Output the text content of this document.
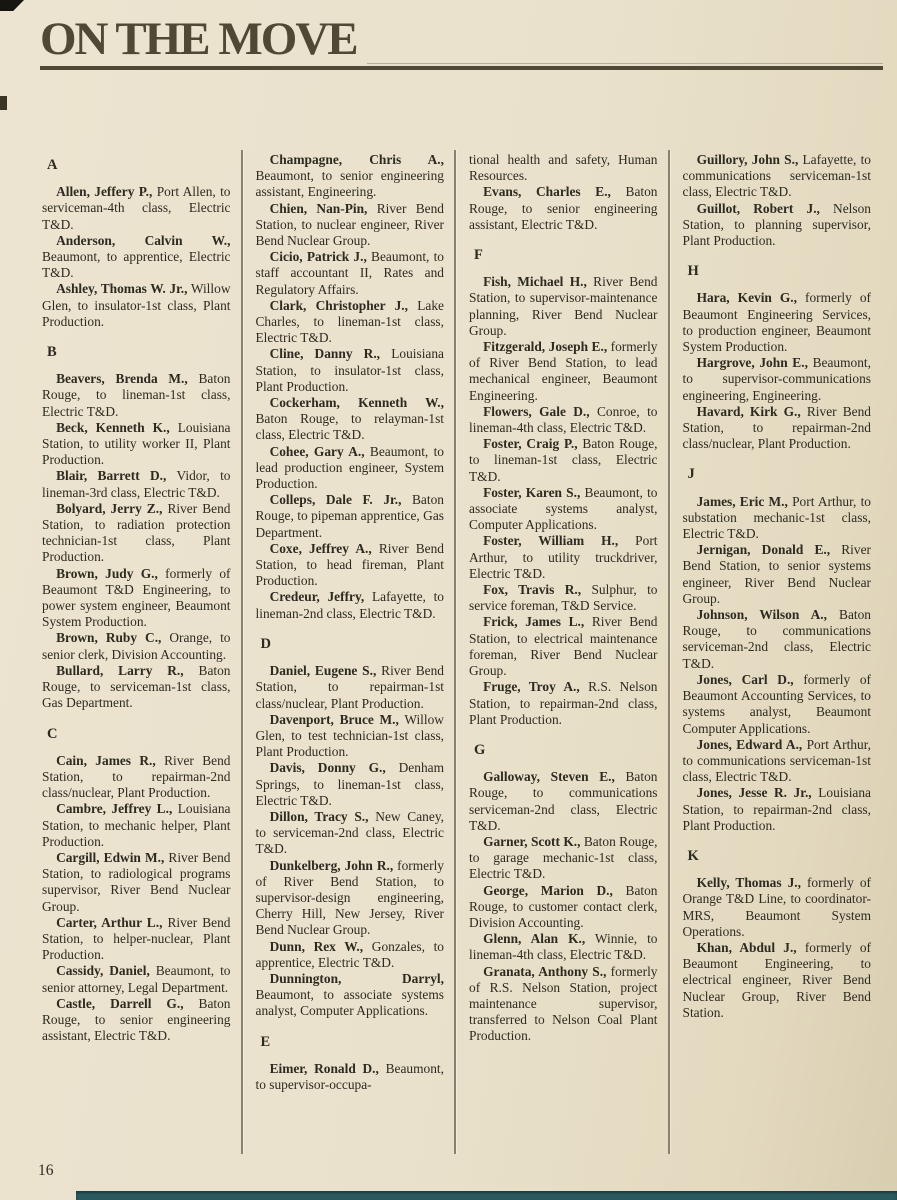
ON THE MOVE
A

Allen, Jeffery P., Port Allen, to serviceman-4th class, Electric T&D.

Anderson, Calvin W., Beaumont, to apprentice, Electric T&D.

Ashley, Thomas W. Jr., Willow Glen, to insulator-1st class, Plant Production.

B

Beavers, Brenda M., Baton Rouge, to lineman-1st class, Electric T&D.

Beck, Kenneth K., Louisiana Station, to utility worker II, Plant Production.

Blair, Barrett D., Vidor, to lineman-3rd class, Electric T&D.

Bolyard, Jerry Z., River Bend Station, to radiation protection technician-1st class, Plant Production.

Brown, Judy G., formerly of Beaumont T&D Engineering, to power system engineer, Beaumont System Production.

Brown, Ruby C., Orange, to senior clerk, Division Accounting.

Bullard, Larry R., Baton Rouge, to serviceman-1st class, Gas Department.

C

Cain, James R., River Bend Station, to repairman-2nd class/nuclear, Plant Production.

Cambre, Jeffrey L., Louisiana Station, to mechanic helper, Plant Production.

Cargill, Edwin M., River Bend Station, to radiological programs supervisor, River Bend Nuclear Group.

Carter, Arthur L., River Bend Station, to helper-nuclear, Plant Production.

Cassidy, Daniel, Beaumont, to senior attorney, Legal Department.

Castle, Darrell G., Baton Rouge, to senior engineering assistant, Electric T&D.

Champagne, Chris A., Beaumont, to senior engineering assistant, Engineering.

Chien, Nan-Pin, River Bend Station, to nuclear engineer, River Bend Nuclear Group.

Cicio, Patrick J., Beaumont, to staff accountant II, Rates and Regulatory Affairs.

Clark, Christopher J., Lake Charles, to lineman-1st class, Electric T&D.

Cline, Danny R., Louisiana Station, to insulator-1st class, Plant Production.

Cockerham, Kenneth W., Baton Rouge, to relayman-1st class, Electric T&D.

Cohee, Gary A., Beaumont, to lead production engineer, System Production.

Colleps, Dale F. Jr., Baton Rouge, to pipeman apprentice, Gas Department.

Coxe, Jeffrey A., River Bend Station, to head fireman, Plant Production.

Credeur, Jeffry, Lafayette, to lineman-2nd class, Electric T&D.

D

Daniel, Eugene S., River Bend Station, to repairman-1st class/nuclear, Plant Production.

Davenport, Bruce M., Willow Glen, to test technician-1st class, Plant Production.

Davis, Donny G., Denham Springs, to lineman-1st class, Electric T&D.

Dillon, Tracy S., New Caney, to serviceman-2nd class, Electric T&D.

Dunkelberg, John R., formerly of River Bend Station, to supervisor-design engineering, Cherry Hill, New Jersey, River Bend Nuclear Group.

Dunn, Rex W., Gonzales, to apprentice, Electric T&D.

Dunnington, Darryl, Beaumont, to associate systems analyst, Computer Applications.

E

Eimer, Ronald D., Beaumont, to supervisor-occupa-

tional health and safety, Human Resources.

Evans, Charles E., Baton Rouge, to senior engineering assistant, Electric T&D.

F

Fish, Michael H., River Bend Station, to supervisor-maintenance planning, River Bend Nuclear Group.

Fitzgerald, Joseph E., formerly of River Bend Station, to lead mechanical engineer, Beaumont Engineering.

Flowers, Gale D., Conroe, to lineman-4th class, Electric T&D.

Foster, Craig P., Baton Rouge, to lineman-1st class, Electric T&D.

Foster, Karen S., Beaumont, to associate systems analyst, Computer Applications.

Foster, William H., Port Arthur, to utility truckdriver, Electric T&D.

Fox, Travis R., Sulphur, to service foreman, T&D Service.

Frick, James L., River Bend Station, to electrical maintenance foreman, River Bend Nuclear Group.

Fruge, Troy A., R.S. Nelson Station, to repairman-2nd class, Plant Production.

G

Galloway, Steven E., Baton Rouge, to communications serviceman-2nd class, Electric T&D.

Garner, Scott K., Baton Rouge, to garage mechanic-1st class, Electric T&D.

George, Marion D., Baton Rouge, to customer contact clerk, Division Accounting.

Glenn, Alan K., Winnie, to lineman-4th class, Electric T&D.

Granata, Anthony S., formerly of R.S. Nelson Station, project maintenance supervisor, transferred to Nelson Coal Plant Production.

Guillory, John S., Lafayette, to communications serviceman-1st class, Electric T&D.

Guillot, Robert J., Nelson Station, to planning supervisor, Plant Production.

H

Hara, Kevin G., formerly of Beaumont Engineering Services, to production engineer, Beaumont System Production.

Hargrove, John E., Beaumont, to supervisor-communications engineering, Engineering.

Havard, Kirk G., River Bend Station, to repairman-2nd class/nuclear, Plant Production.

J

James, Eric M., Port Arthur, to substation mechanic-1st class, Electric T&D.

Jernigan, Donald E., River Bend Station, to senior systems engineer, River Bend Nuclear Group.

Johnson, Wilson A., Baton Rouge, to communications serviceman-2nd class, Electric T&D.

Jones, Carl D., formerly of Beaumont Accounting Services, to systems analyst, Beaumont Computer Applications.

Jones, Edward A., Port Arthur, to communications serviceman-1st class, Electric T&D.

Jones, Jesse R. Jr., Louisiana Station, to repairman-2nd class, Plant Production.

K

Kelly, Thomas J., formerly of Orange T&D Line, to coordinator-MRS, Beaumont System Operations.

Khan, Abdul J., formerly of Beaumont Engineering, to electrical engineer, River Bend Nuclear Group, River Bend Station.

16
